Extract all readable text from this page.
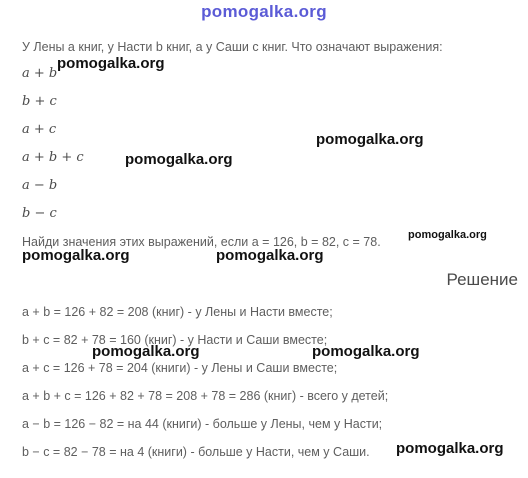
pomogalka.org
У Лены a книг, у Насти b книг, а у Саши c книг. Что означают выражения:
a + b
b + c
a + c
a + b + c
a − b
b − c
Найди значения этих выражений, если a = 126, b = 82, c = 78.
Решение
a + b = 126 + 82 = 208 (книг) - у Лены и Насти вместе;
b + c = 82 + 78 = 160 (книг) - у Насти и Саши вместе;
a + c = 126 + 78 = 204 (книги) - у Лены и Саши вместе;
a + b + c = 126 + 82 + 78 = 208 + 78 = 286 (книг) - всего у детей;
a − b = 126 − 82 = на 44 (книги) - больше у Лены, чем у Насти;
b − c = 82 − 78 = на 4 (книги) - больше у Насти, чем у Саши.
pomogalka.org
pomogalka.org
pomogalka.org
pomogalka.org
pomogalka.org	pomogalka.org
pomogalka.org	pomogalka.org
pomogalka.org
